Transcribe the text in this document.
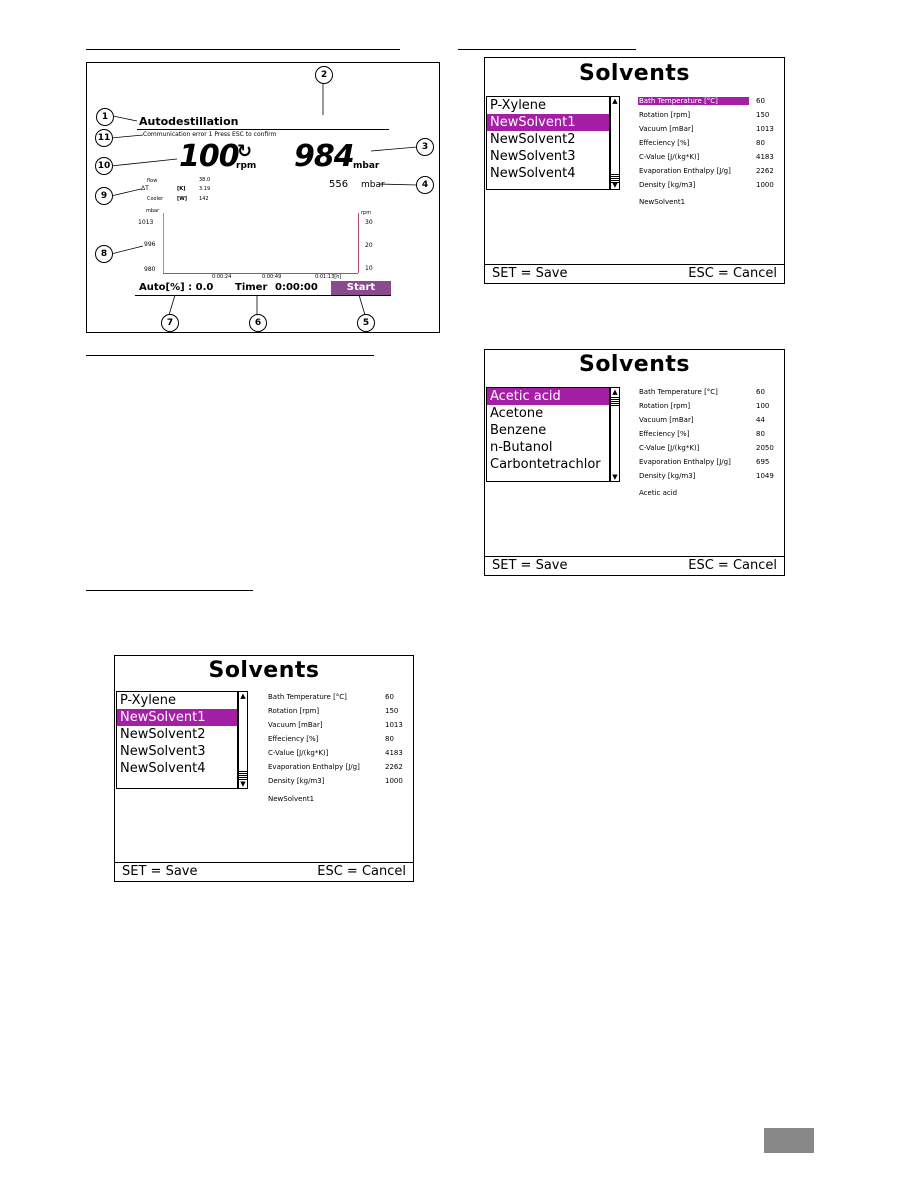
Autodestillation
Communication error 1 Press ESC to confirm
100
↻
rpm 984 mbar
556 mbar
flow	38.0
ΔT	[K]	3.19
Cooler	[W] 142
mbar
1013
996
980
rpm
30
20
10
0:00:24	0:00:49	0:01:13[h]
Auto[%] : 0.0 Timer 0:00:00	Start
1
2
3
4
5
6
7
8
9
10
11
Solvents
P-Xylene
NewSolvent1
NewSolvent2
NewSolvent3
NewSolvent4
▲
▼
Bath Temperature [°C]	60
Rotation [rpm]	150
Vacuum [mBar]	1013
Effeciency [%]	80
C-Value [J/(kg*K)]	4183
Evaporation Enthalpy [J/g]	2262
Density [kg/m3]	1000
NewSolvent1
SET = Save	ESC = Cancel
Solvents
Acetic acid
Acetone
Benzene
n-Butanol
Carbontetrachlor
▲
▼
Bath Temperature [°C]	60
Rotation [rpm]	100
Vacuum [mBar]	44
Effeciency [%]	80
C-Value [J/(kg*K)]	2050
Evaporation Enthalpy [J/g]	695
Density [kg/m3]	1049
Acetic acid
SET = Save	ESC = Cancel
Solvents
P-Xylene
NewSolvent1
NewSolvent2
NewSolvent3
NewSolvent4
▲
▼
Bath Temperature [°C]	60
Rotation [rpm]	150
Vacuum [mBar]	1013
Effeciency [%]	80
C-Value [J/(kg*K)]	4183
Evaporation Enthalpy [J/g]	2262
Density [kg/m3]	1000
NewSolvent1
SET = Save	ESC = Cancel
